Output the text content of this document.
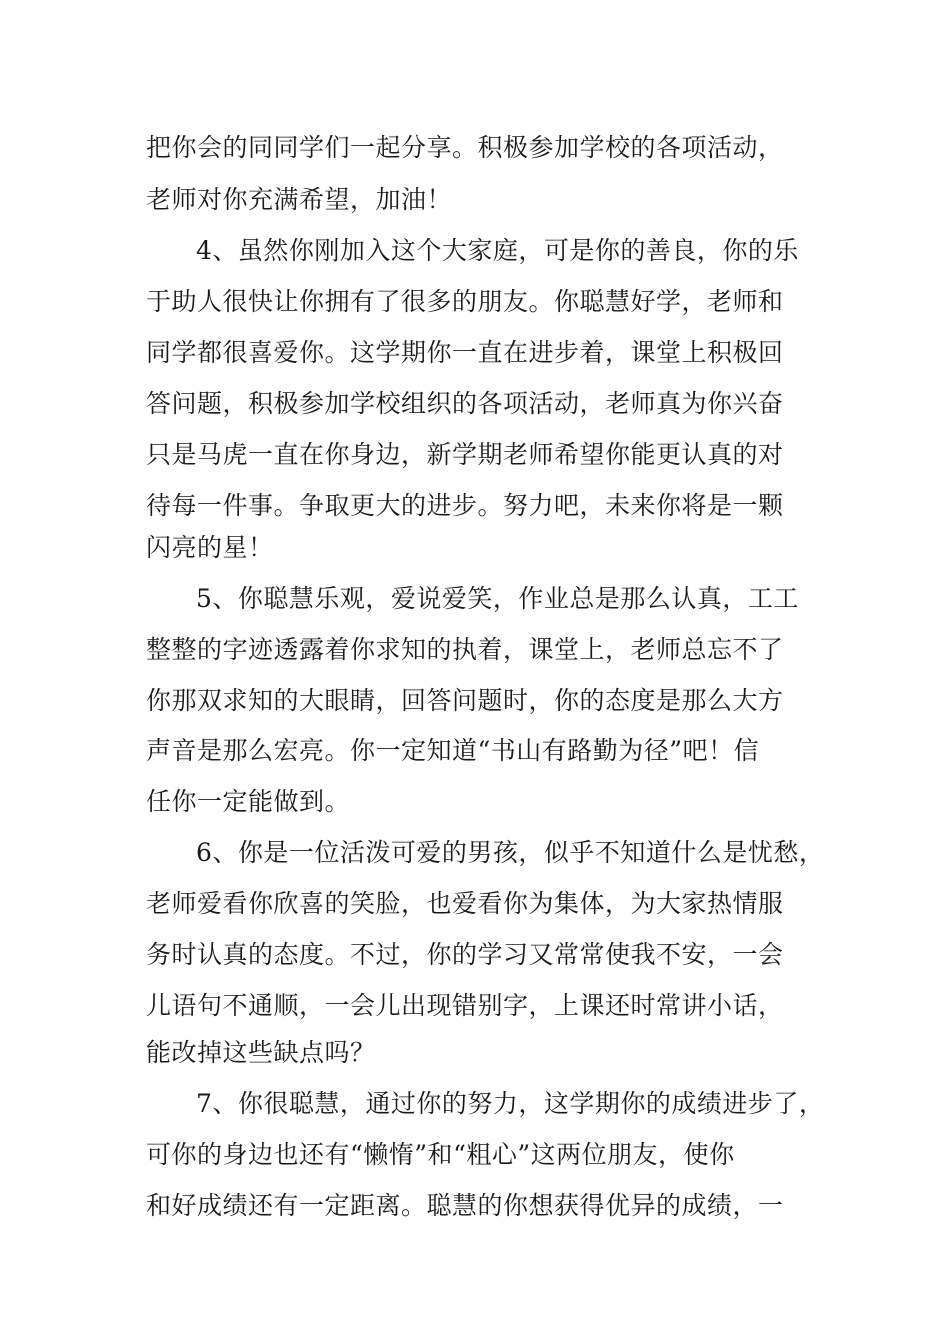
把你会的同同学们一起分享。积极参加学校的各项活动，
老师对你充满希望，加油！
4、虽然你刚加入这个大家庭，可是你的善良，你的乐
于助人很快让你拥有了很多的朋友。你聪慧好学，老师和
同学都很喜爱你。这学期你一直在进步着，课堂上积极回
答问题，积极参加学校组织的各项活动，老师真为你兴奋
只是马虎一直在你身边，新学期老师希望你能更认真的对
待每一件事。争取更大的进步。努力吧，未来你将是一颗
闪亮的星！
5、你聪慧乐观，爱说爱笑，作业总是那么认真，工工
整整的字迹透露着你求知的执着，课堂上，老师总忘不了
你那双求知的大眼睛，回答问题时，你的态度是那么大方
声音是那么宏亮。你一定知道“书山有路勤为径”吧！信
任你一定能做到。
6、你是一位活泼可爱的男孩，似乎不知道什么是忧愁，
老师爱看你欣喜的笑脸，也爱看你为集体，为大家热情服
务时认真的态度。不过，你的学习又常常使我不安，一会
儿语句不通顺，一会儿出现错别字，上课还时常讲小话，
能改掉这些缺点吗？
7、你很聪慧，通过你的努力，这学期你的成绩进步了，
可你的身边也还有“懒惰”和“粗心”这两位朋友，使你
和好成绩还有一定距离。聪慧的你想获得优异的成绩，一
